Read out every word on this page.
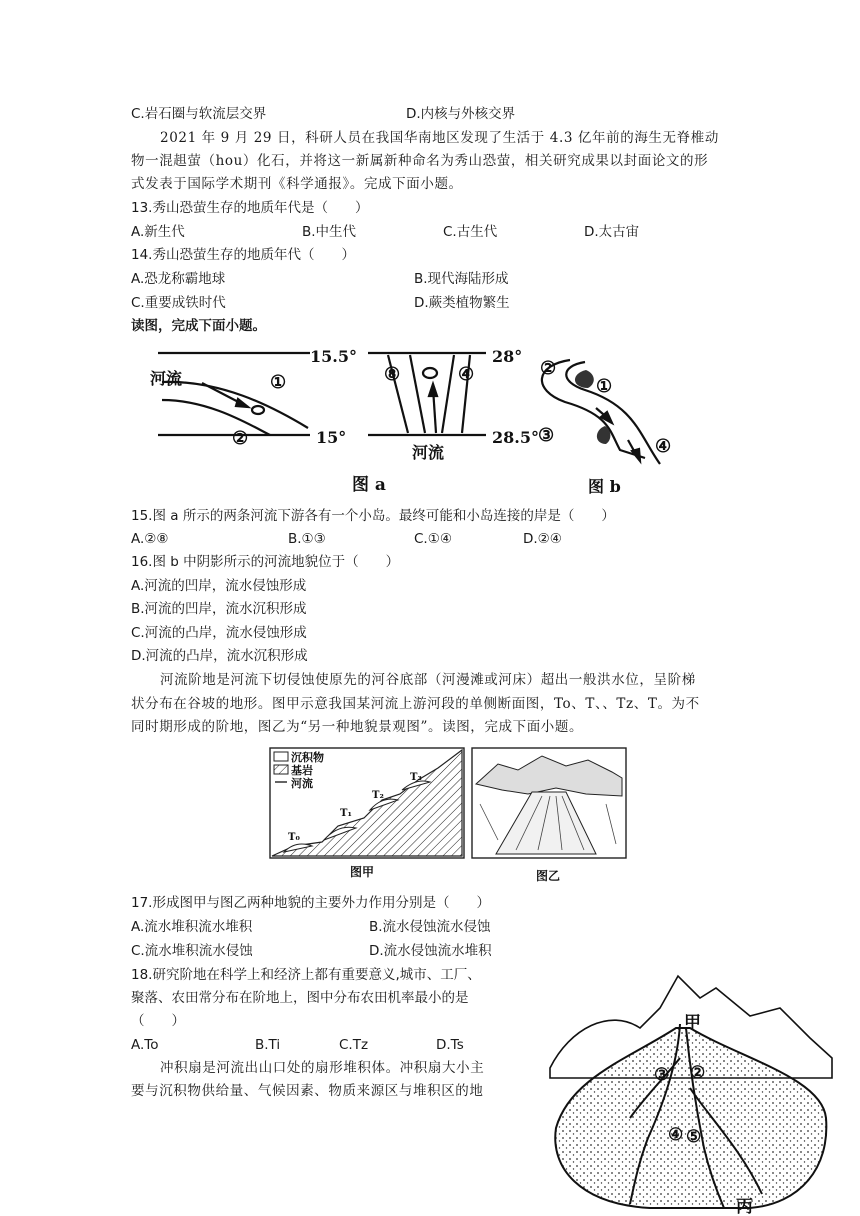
C.岩石圈与软流层交界	D.内核与外核交界
2021 年 9 月 29 日，科研人员在我国华南地区发现了生活于 4.3 亿年前的海生无脊椎动
物一混趄萤（hou）化石，并将这一新属新种命名为秀山恐萤，相关研究成果以封面论文的形
式发表于国际学术期刊《科学通报》。完成下面小题。
13.秀山恐萤生存的地质年代是（　　）
A.新生代	B.中生代	C.古生代	D.太古宙
14.秀山恐萤生存的地质年代（　　）
A.恐龙称霸地球	B.现代海陆形成
C.重要成铁时代	D.蕨类植物繁生
读图，完成下面小题。
15.5°
15°
28°
28.5°
河流
河流
①
②
⑧	④	②
①
③
④
图 a	图 b
15.图 a 所示的两条河流下游各有一个小岛。最终可能和小岛连接的岸是（　　）
A.②⑧	B.①③	C.①④	D.②④
16.图 b 中阴影所示的河流地貌位于（　　）
A.河流的凹岸，流水侵蚀形成
B.河流的凹岸，流水沉积形成
C.河流的凸岸，流水侵蚀形成
D.河流的凸岸，流水沉积形成
河流阶地是河流下切侵蚀使原先的河谷底部（河漫滩或河床）超出一般洪水位，呈阶梯
状分布在谷坡的地形。图甲示意我国某河流上游河段的单侧断面图，To、T、、Tz、T。为不
同时期形成的阶地，图乙为“另一种地貌景观图”。读图，完成下面小题。
沉积物
基岩
河流
T₀
T₁
T₂
T₃
图甲	图乙
17.形成图甲与图乙两种地貌的主要外力作用分别是（　　）
A.流水堆积流水堆积	B.流水侵蚀流水侵蚀
C.流水堆积流水侵蚀	D.流水侵蚀流水堆积
18.研究阶地在科学上和经济上都有重要意义,城市、工厂、
聚落、农田常分布在阶地上，图中分布农田机率最小的是
（　　）
A.To	B.Ti	C.Tz	D.Ts
冲积扇是河流出山口处的扇形堆积体。冲积扇大小主
要与沉积物供给量、气候因素、物质来源区与堆积区的地
甲
②
③
④ ⑤
丙
